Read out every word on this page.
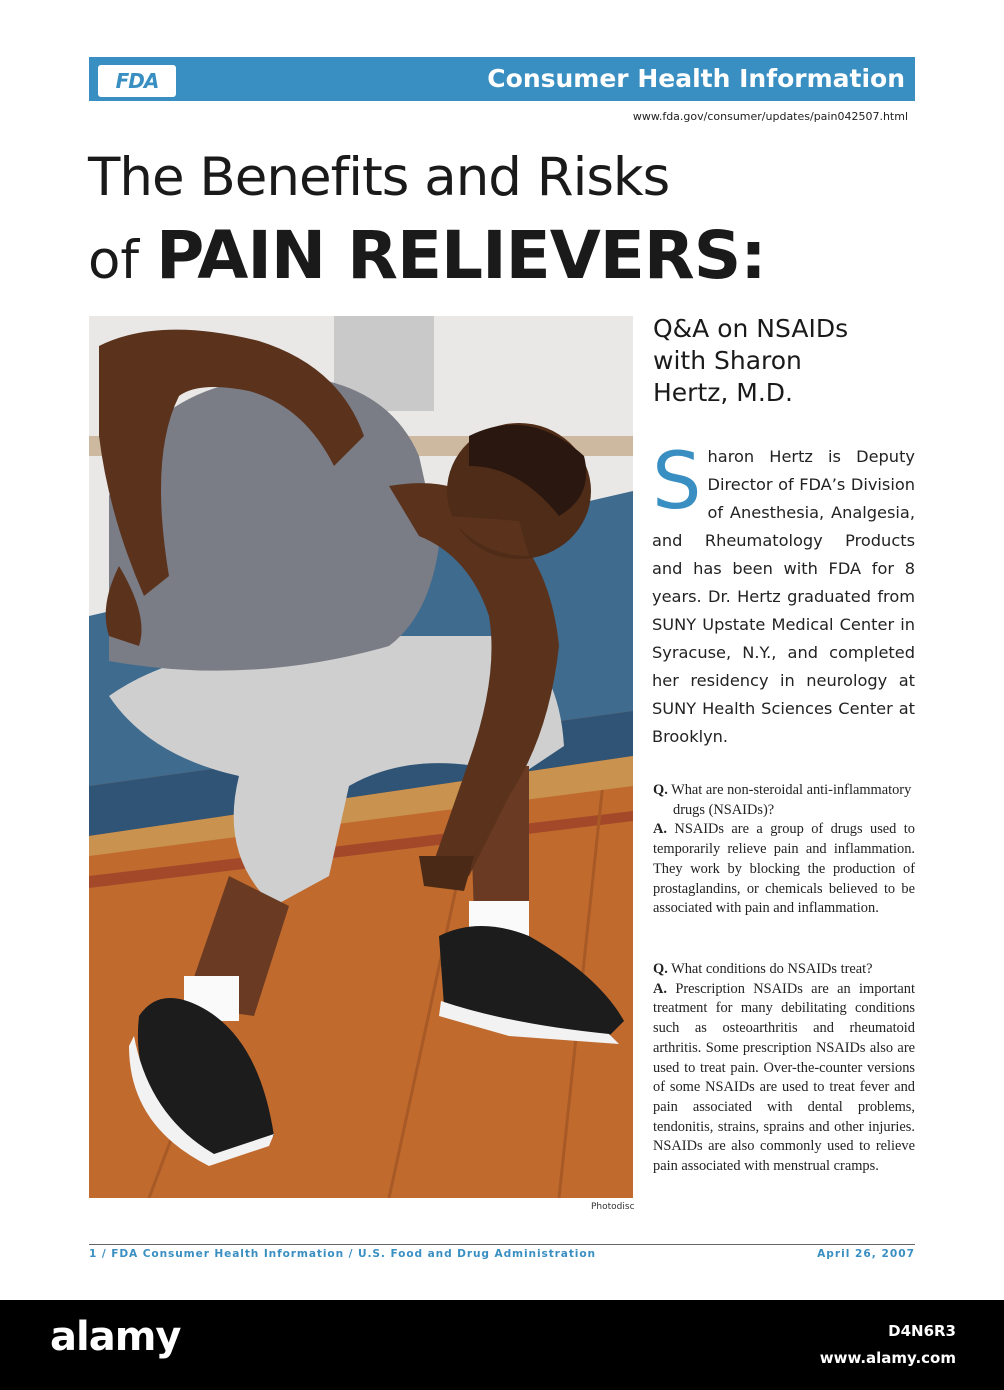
FDA	Consumer Health Information
www.fda.gov/consumer/updates/pain042507.html
The Benefits and Risks
of PAIN RELIEVERS:
Photodisc
Q&A on NSAIDs
with Sharon
Hertz, M.D.
Sharon Hertz is Deputy Director of FDA’s Division of Anesthesia, Analgesia, and Rheumatology Products and has been with FDA for 8 years. Dr. Hertz graduated from SUNY Upstate Medical Center in Syracuse, N.Y., and completed her residency in neurology at SUNY Health Sciences Center at Brooklyn.

Q. What are non-steroidal anti-inflammatory drugs (NSAIDs)?

A. NSAIDs are a group of drugs used to temporarily relieve pain and inflammation. They work by blocking the production of prostaglandins, or chemicals believed to be associated with pain and inflammation.

Q. What conditions do NSAIDs treat?

A. Prescription NSAIDs are an important treatment for many debilitating conditions such as osteoarthritis and rheumatoid arthritis. Some prescription NSAIDs also are used to treat pain. Over-the-counter versions of some NSAIDs are used to treat fever and pain associated with dental problems, tendonitis, strains, sprains and other injuries. NSAIDs are also commonly used to relieve pain associated with menstrual cramps.

1 / FDA Consumer Health Information / U.S. Food and Drug Administration	April 26, 2007
alamy	D4N6R3
www.alamy.com
